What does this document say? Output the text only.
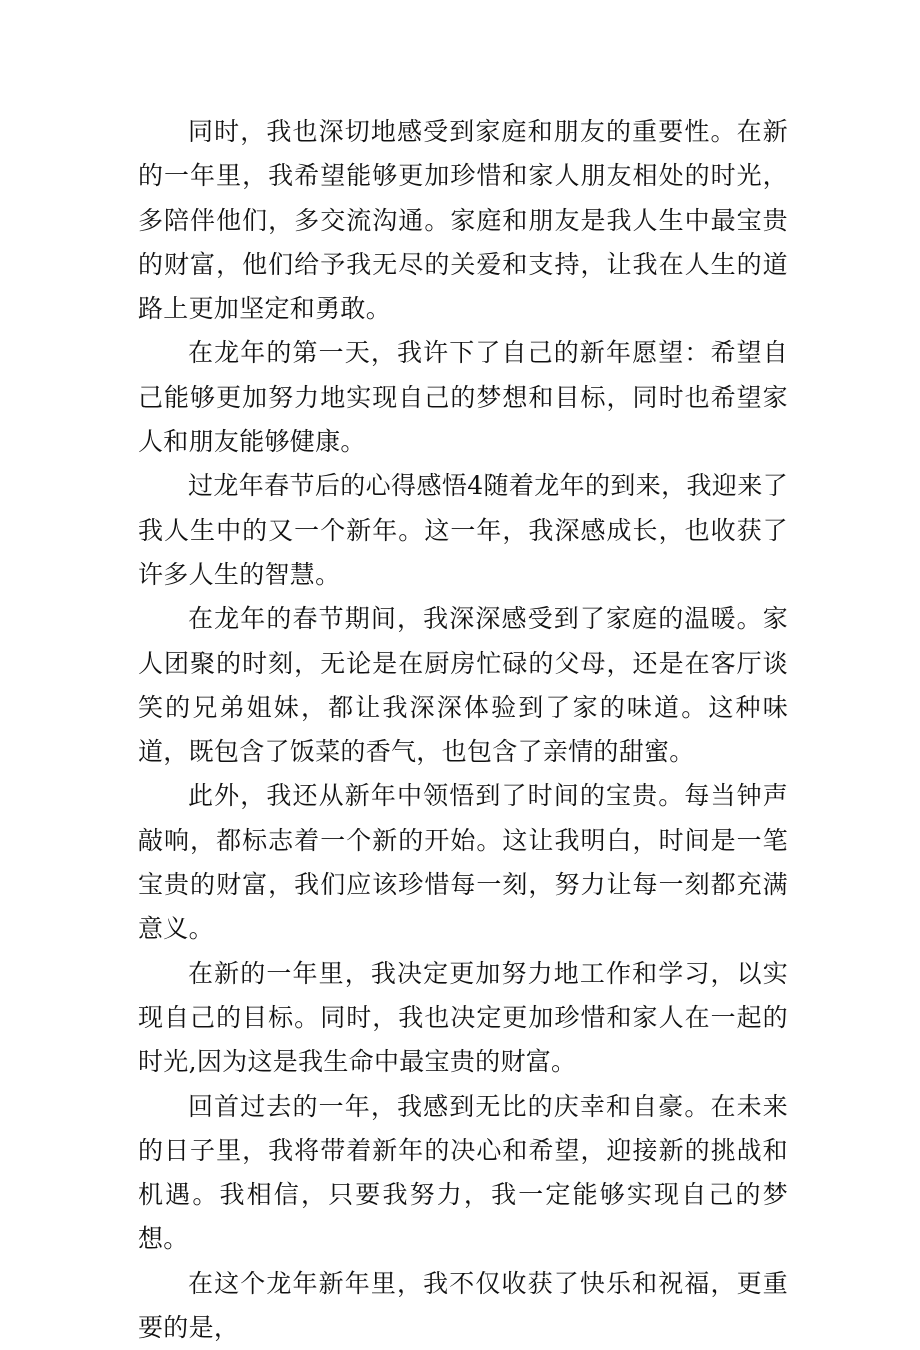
同时，我也深切地感受到家庭和朋友的重要性。在新的一年里，我希望能够更加珍惜和家人朋友相处的时光，多陪伴他们，多交流沟通。家庭和朋友是我人生中最宝贵的财富，他们给予我无尽的关爱和支持，让我在人生的道路上更加坚定和勇敢。

在龙年的第一天，我许下了自己的新年愿望：希望自己能够更加努力地实现自己的梦想和目标，同时也希望家人和朋友能够健康。

过龙年春节后的心得感悟4随着龙年的到来，我迎来了我人生中的又一个新年。这一年，我深感成长，也收获了许多人生的智慧。

在龙年的春节期间，我深深感受到了家庭的温暖。家人团聚的时刻，无论是在厨房忙碌的父母，还是在客厅谈笑的兄弟姐妹，都让我深深体验到了家的味道。这种味道，既包含了饭菜的香气，也包含了亲情的甜蜜。

此外，我还从新年中领悟到了时间的宝贵。每当钟声敲响，都标志着一个新的开始。这让我明白，时间是一笔宝贵的财富，我们应该珍惜每一刻，努力让每一刻都充满意义。

在新的一年里，我决定更加努力地工作和学习，以实现自己的目标。同时，我也决定更加珍惜和家人在一起的时光,因为这是我生命中最宝贵的财富。

回首过去的一年，我感到无比的庆幸和自豪。在未来的日子里，我将带着新年的决心和希望，迎接新的挑战和机遇。我相信，只要我努力，我一定能够实现自己的梦想。

在这个龙年新年里，我不仅收获了快乐和祝福，更重要的是，
